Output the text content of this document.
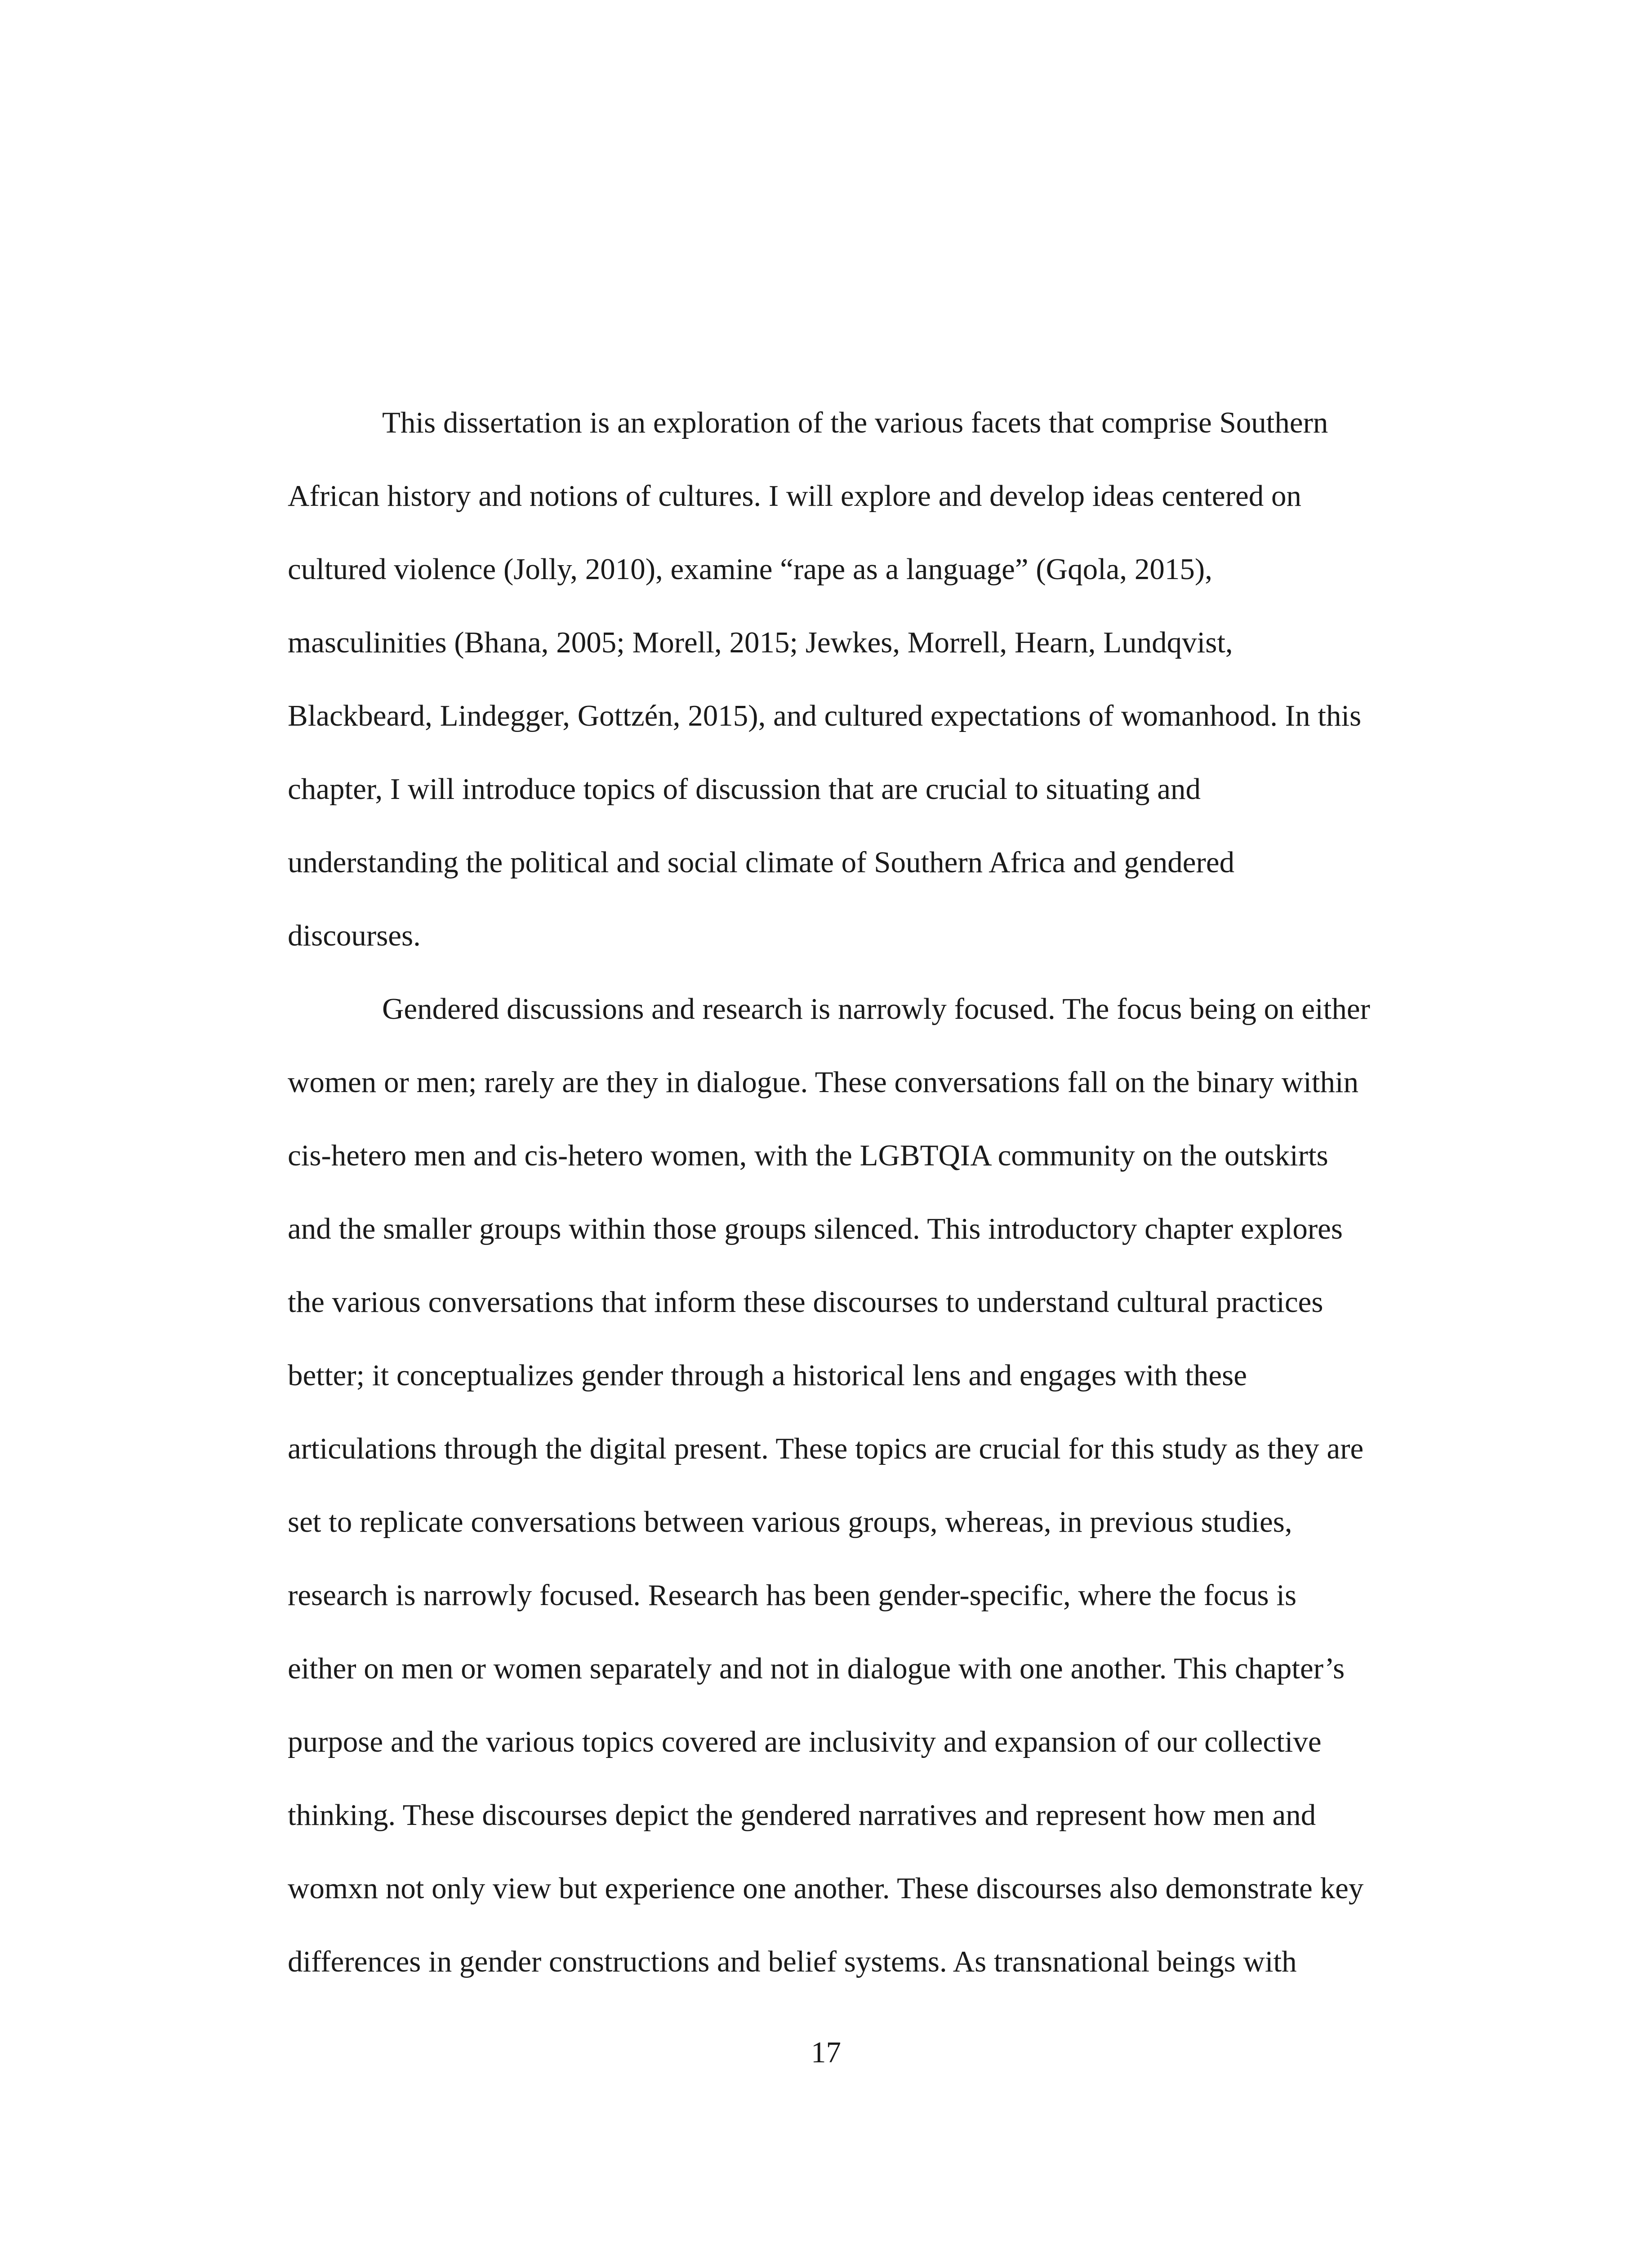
This dissertation is an exploration of the various facets that comprise Southern
African history and notions of cultures. I will explore and develop ideas centered on
cultured violence (Jolly, 2010), examine “rape as a language” (Gqola, 2015),
masculinities (Bhana, 2005; Morell, 2015; Jewkes, Morrell, Hearn, Lundqvist,
Blackbeard, Lindegger, Gottzén, 2015), and cultured expectations of womanhood. In this
chapter, I will introduce topics of discussion that are crucial to situating and
understanding the political and social climate of Southern Africa and gendered
discourses.
Gendered discussions and research is narrowly focused. The focus being on either
women or men; rarely are they in dialogue. These conversations fall on the binary within
cis-hetero men and cis-hetero women, with the LGBTQIA community on the outskirts
and the smaller groups within those groups silenced. This introductory chapter explores
the various conversations that inform these discourses to understand cultural practices
better; it conceptualizes gender through a historical lens and engages with these
articulations through the digital present. These topics are crucial for this study as they are
set to replicate conversations between various groups, whereas, in previous studies,
research is narrowly focused. Research has been gender-specific, where the focus is
either on men or women separately and not in dialogue with one another. This chapter’s
purpose and the various topics covered are inclusivity and expansion of our collective
thinking. These discourses depict the gendered narratives and represent how men and
womxn not only view but experience one another. These discourses also demonstrate key
differences in gender constructions and belief systems. As transnational beings with
17
